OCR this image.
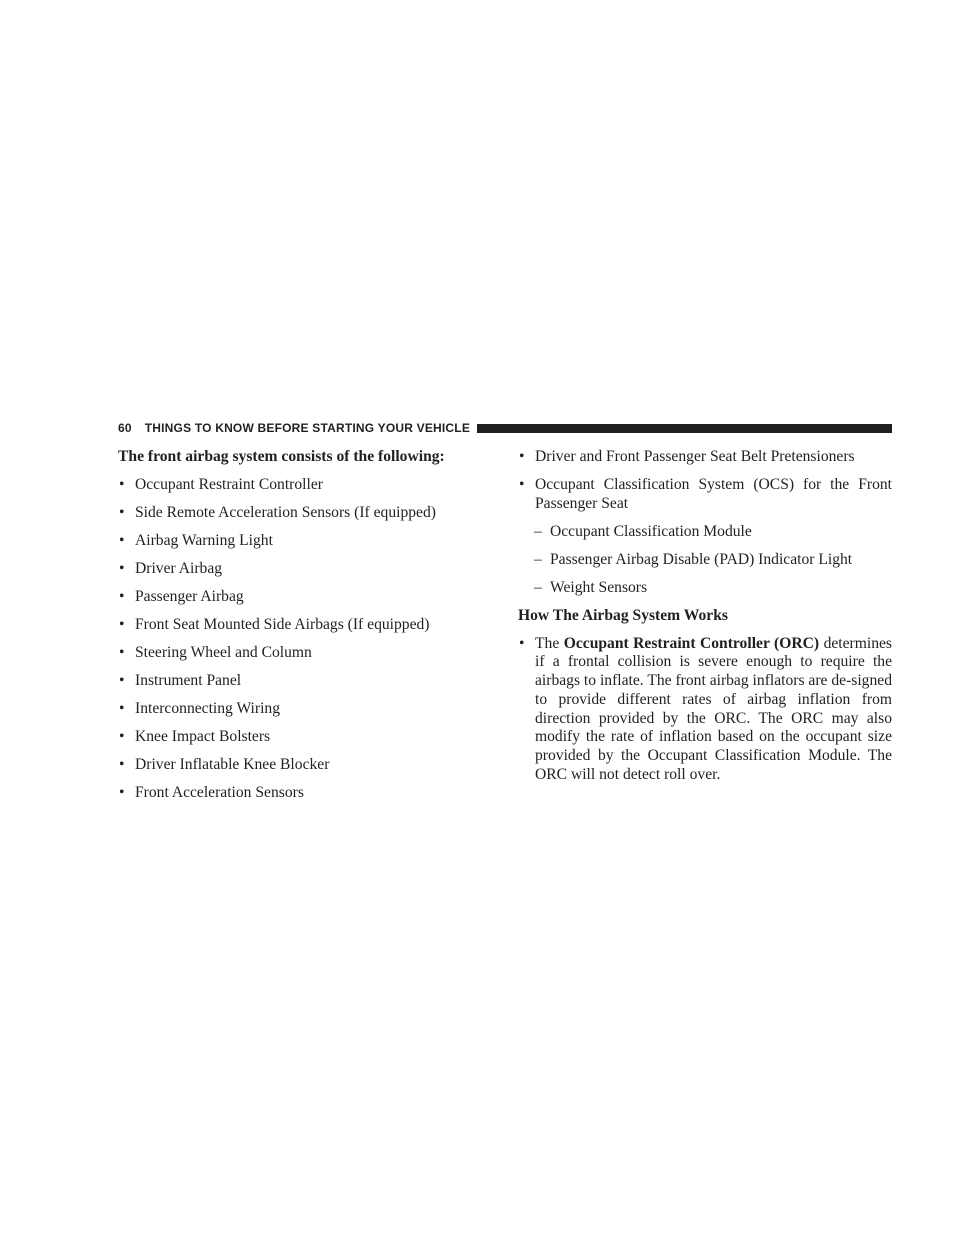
60 THINGS TO KNOW BEFORE STARTING YOUR VEHICLE

The front airbag system consists of the following:

• Occupant Restraint Controller
• Side Remote Acceleration Sensors (If equipped)
• Airbag Warning Light
• Driver Airbag
• Passenger Airbag
• Front Seat Mounted Side Airbags (If equipped)
• Steering Wheel and Column
• Instrument Panel
• Interconnecting Wiring
• Knee Impact Bolsters
• Driver Inflatable Knee Blocker
• Front Acceleration Sensors
• Driver and Front Passenger Seat Belt Pretensioners
• Occupant Classification System (OCS) for the Front Passenger Seat
– Occupant Classification Module
– Passenger Airbag Disable (PAD) Indicator Light
– Weight Sensors

How The Airbag System Works

• The Occupant Restraint Controller (ORC) determines if a frontal collision is severe enough to require the airbags to inflate. The front airbag inflators are de-signed to provide different rates of airbag inflation from direction provided by the ORC. The ORC may also modify the rate of inflation based on the occupant size provided by the Occupant Classification Module. The ORC will not detect roll over.
